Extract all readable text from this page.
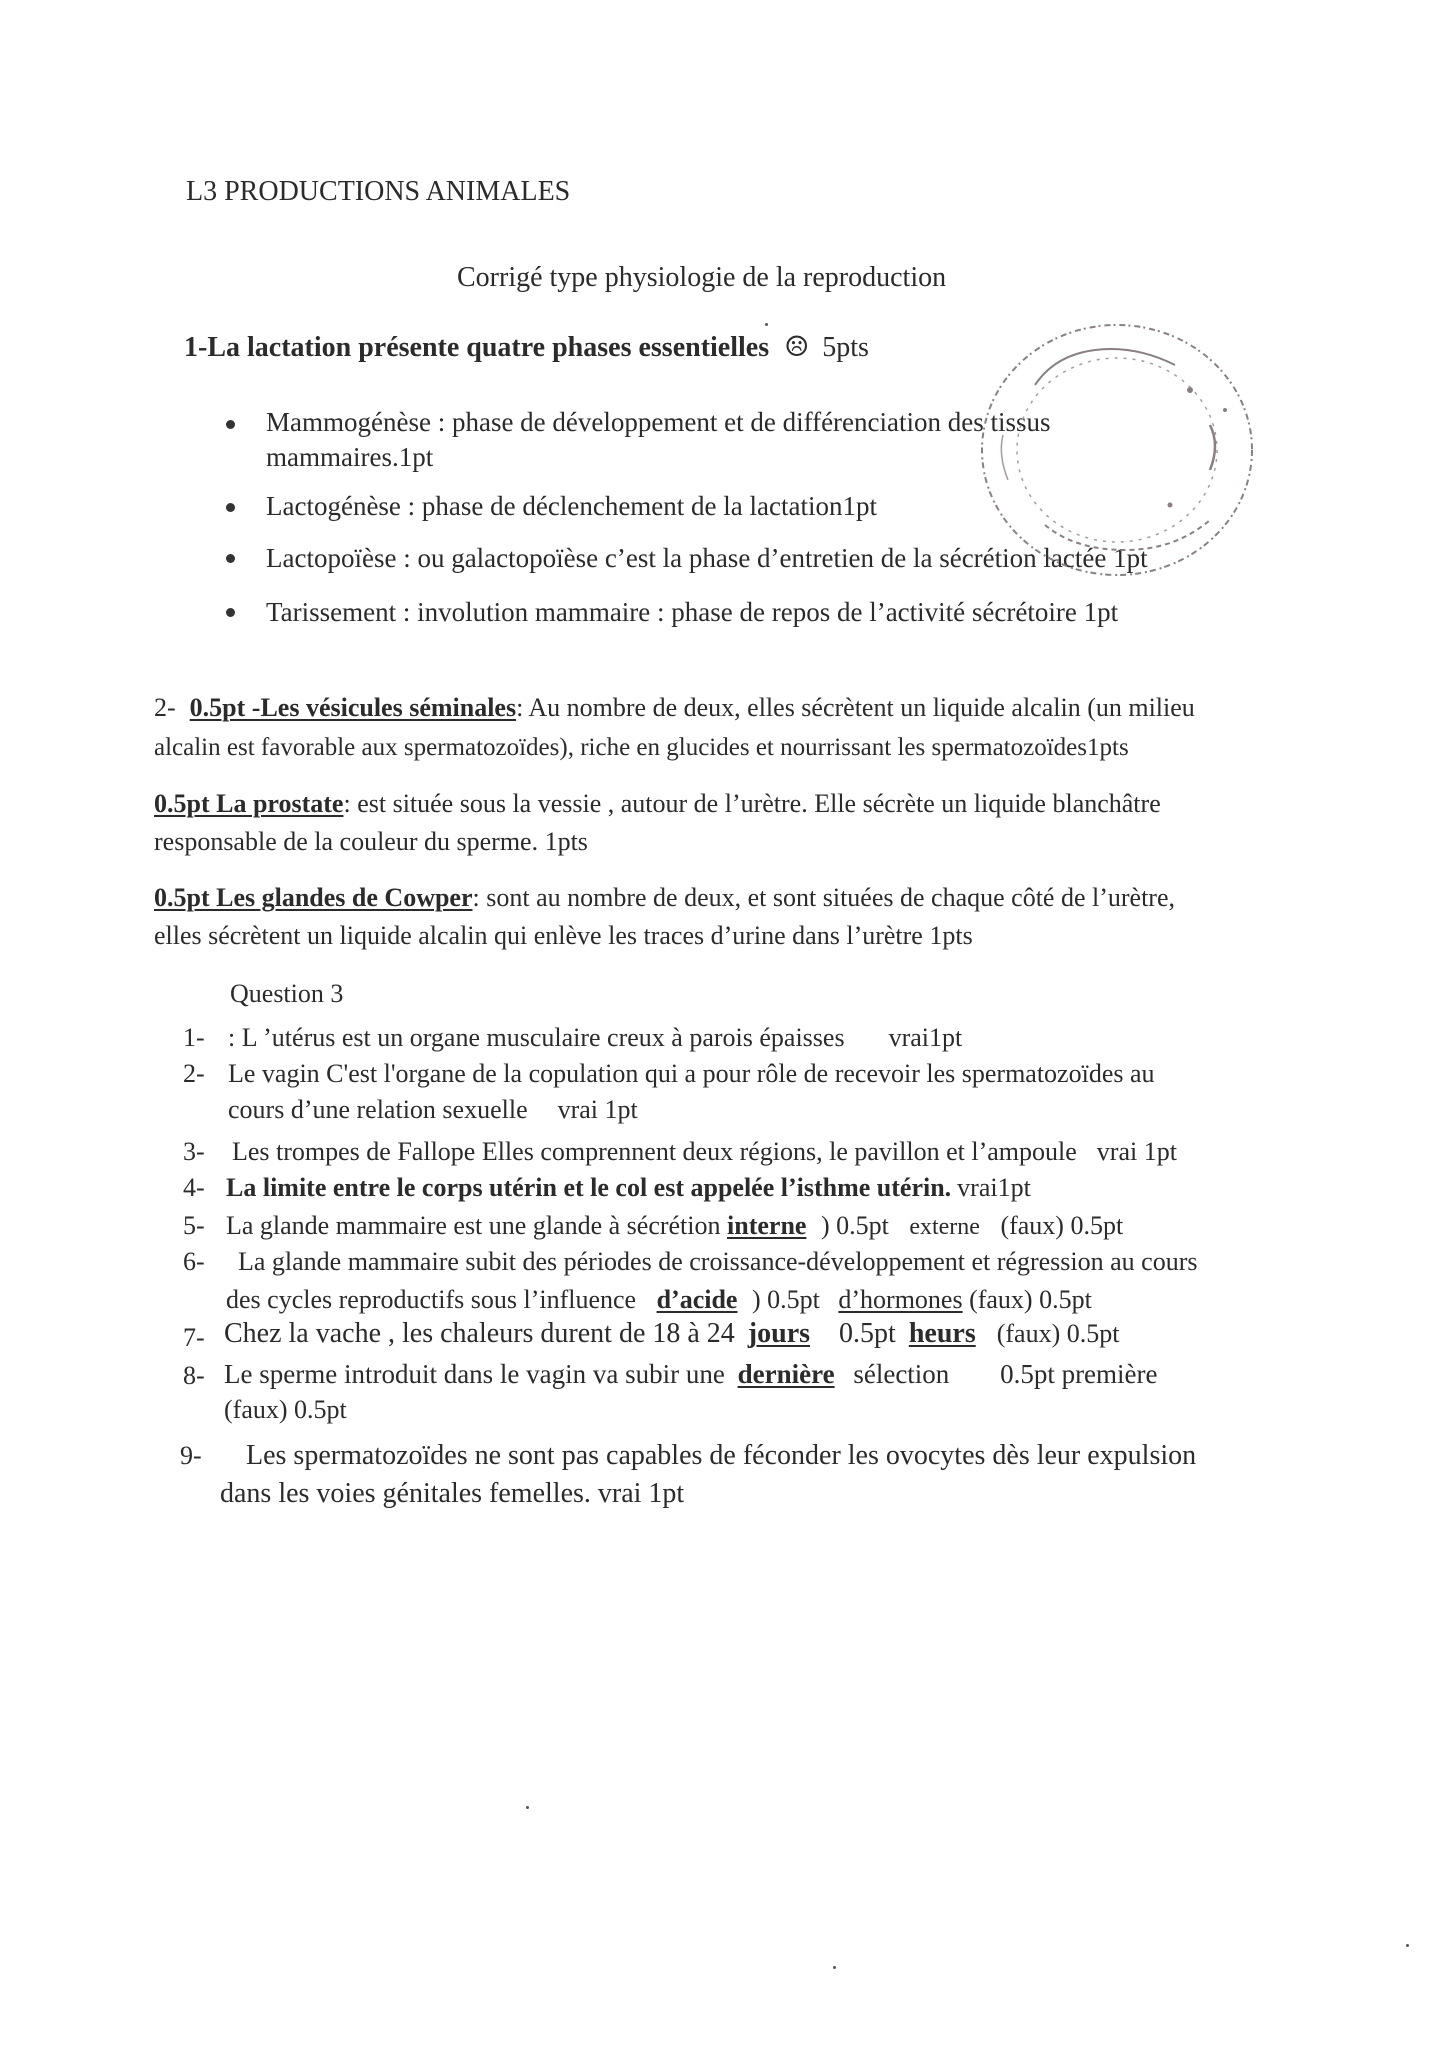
L3 PRODUCTIONS ANIMALES
Corrigé type physiologie de la reproduction
1-La lactation présente quatre phases essentielles ☹ 5pts
Mammogénèse : phase de développement et de différenciation des tissus
mammaires.1pt
Lactogénèse : phase de déclenchement de la lactation1pt
Lactopoïèse : ou galactopoïèse c’est la phase d’entretien de la sécrétion lactée 1pt
Tarissement : involution mammaire : phase de repos de l’activité sécrétoire 1pt
2- 0.5pt -Les vésicules séminales: Au nombre de deux, elles sécrètent un liquide alcalin (un milieu
alcalin est favorable aux spermatozoïdes), riche en glucides et nourrissant les spermatozoïdes1pts
0.5pt La prostate: est située sous la vessie , autour de l’urètre. Elle sécrète un liquide blanchâtre
responsable de la couleur du sperme. 1pts
0.5pt Les glandes de Cowper: sont au nombre de deux, et sont situées de chaque côté de l’urètre,
elles sécrètent un liquide alcalin qui enlève les traces d’urine dans l’urètre 1pts
Question 3
1- : L ’utérus est un organe musculaire creux à parois épaisses vrai1pt
2- Le vagin C'est l'organe de la copulation qui a pour rôle de recevoir les spermatozoïdes au
cours d’une relation sexuelle vrai 1pt
3- Les trompes de Fallope Elles comprennent deux régions, le pavillon et l’ampoule vrai 1pt
4- La limite entre le corps utérin et le col est appelée l’isthme utérin. vrai1pt
5- La glande mammaire est une glande à sécrétion interne ) 0.5pt externe (faux) 0.5pt
6- La glande mammaire subit des périodes de croissance-développement et régression au cours
des cycles reproductifs sous l’influence d’acide ) 0.5pt d’hormones (faux) 0.5pt
7- Chez la vache , les chaleurs durent de 18 à 24 jours 0.5pt heurs (faux) 0.5pt
8- Le sperme introduit dans le vagin va subir une dernière sélection 0.5pt première
(faux) 0.5pt
9- Les spermatozoïdes ne sont pas capables de féconder les ovocytes dès leur expulsion
dans les voies génitales femelles. vrai 1pt
